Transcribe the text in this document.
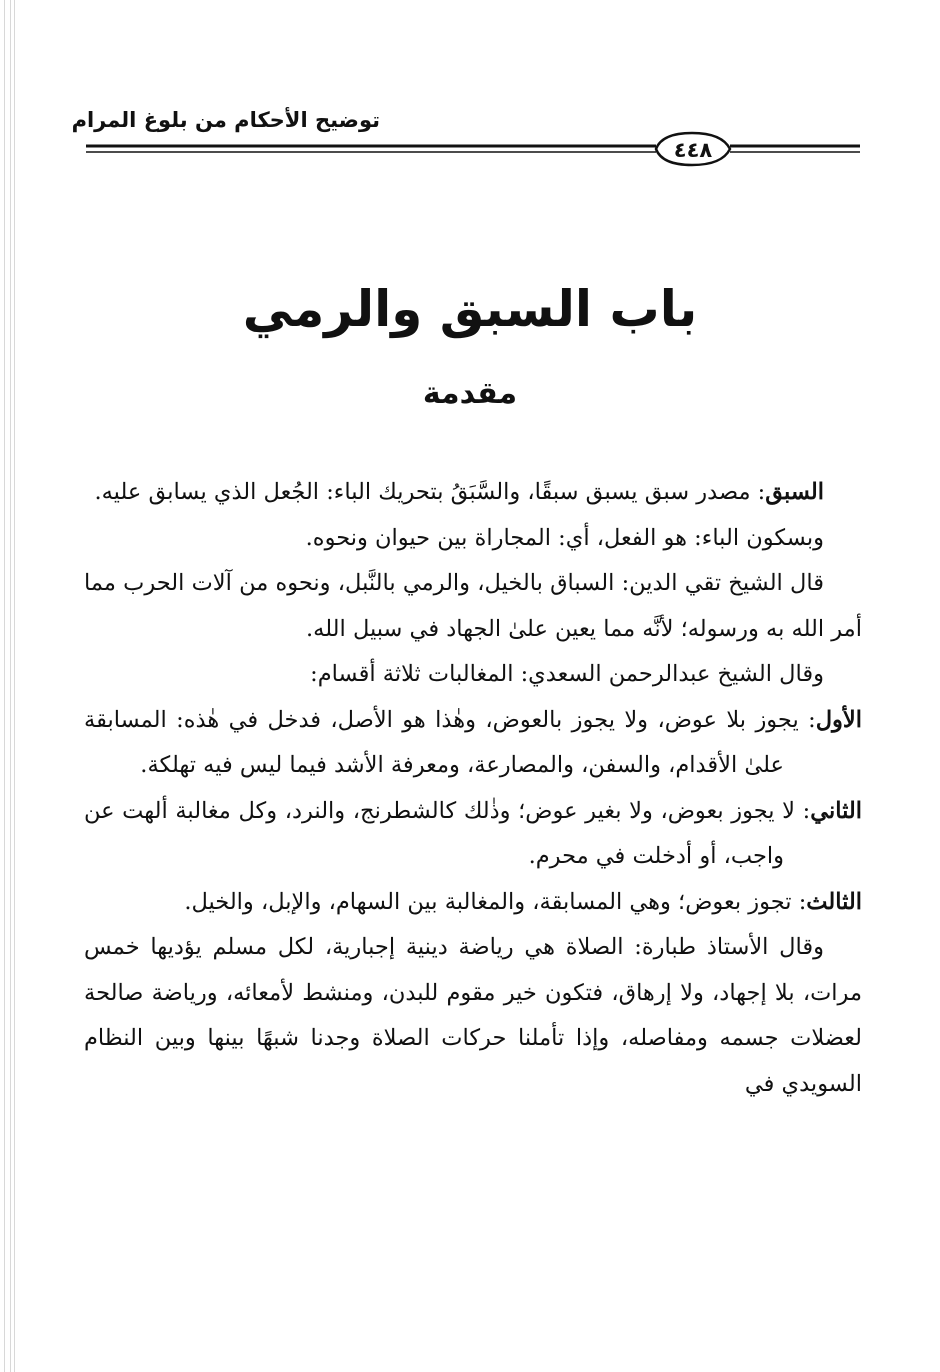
توضيح الأحكام من بلوغ المرام
٤٤٨
باب السبق والرمي
مقدمة

السبق: مصدر سبق يسبق سبقًا، والسَّبَقُ بتحريك الباء: الجُعل الذي يسابق عليه.

وبسكون الباء: هو الفعل، أي: المجاراة بين حيوان ونحوه.

قال الشيخ تقي الدين: السباق بالخيل، والرمي بالنَّبل، ونحوه من آلات الحرب مما أمر الله به ورسوله؛ لأنَّه مما يعين علىٰ الجهاد في سبيل الله.

وقال الشيخ عبدالرحمن السعدي: المغالبات ثلاثة أقسام:

الأول: يجوز بلا عوض، ولا يجوز بالعوض، وهٰذا هو الأصل، فدخل في هٰذه: المسابقة علىٰ الأقدام، والسفن، والمصارعة، ومعرفة الأشد فيما ليس فيه تهلكة.

الثاني: لا يجوز بعوض، ولا بغير عوض؛ وذٰلك كالشطرنج، والنرد، وكل مغالبة ألهت عن واجب، أو أدخلت في محرم.

الثالث: تجوز بعوض؛ وهي المسابقة، والمغالبة بين السهام، والإبل، والخيل.

وقال الأستاذ طبارة: الصلاة هي رياضة دينية إجبارية، لكل مسلم يؤديها خمس مرات، بلا إجهاد، ولا إرهاق، فتكون خير مقوم للبدن، ومنشط لأمعائه، ورياضة صالحة لعضلات جسمه ومفاصله، وإذا تأملنا حركات الصلاة وجدنا شبهًا بينها وبين النظام السويدي في
